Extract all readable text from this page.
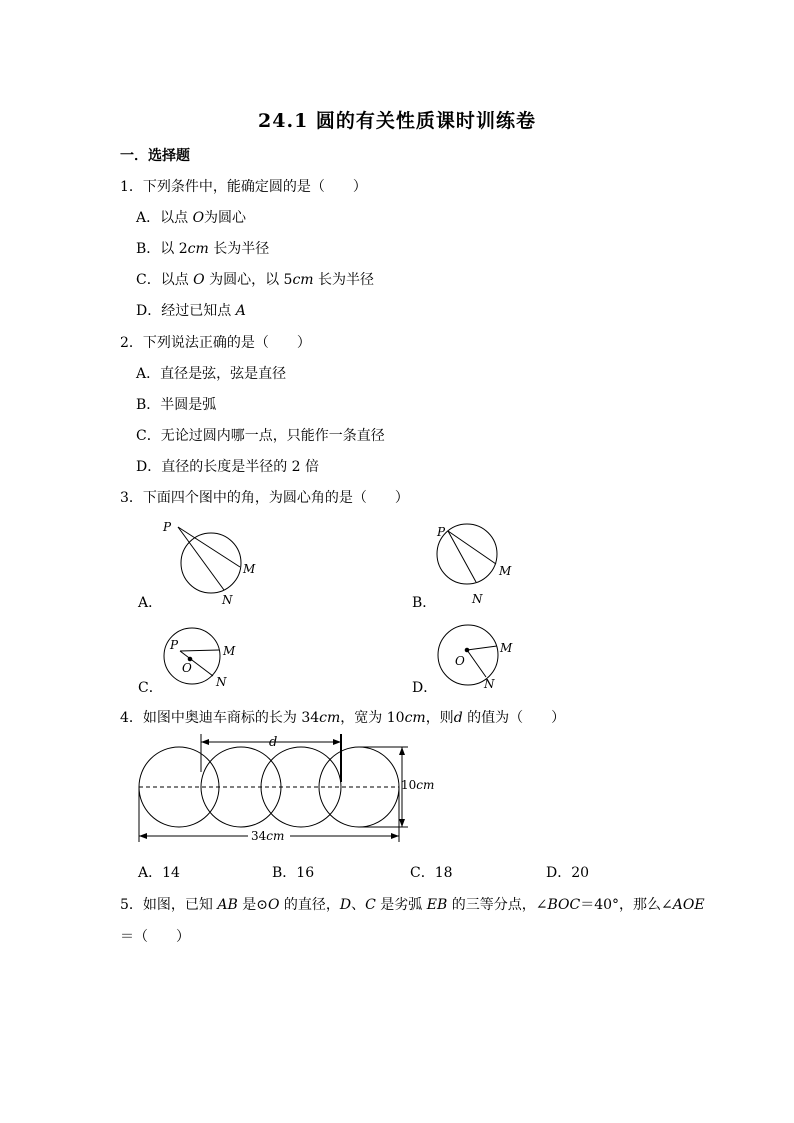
24.1 圆的有关性质课时训练卷
一．选择题
1．下列条件中，能确定圆的是（　　）
A．以点 O为圆心
B．以 2cm 长为半径
C．以点 O 为圆心，以 5cm 长为半径
D．经过已知点 A
2．下列说法正确的是（　　）
A．直径是弦，弦是直径
B．半圆是弧
C．无论过圆内哪一点，只能作一条直径
D．直径的长度是半径的 2 倍
3．下面四个图中的角，为圆心角的是（　　）
P
M
N
A．
P
M
N
B．
P
O
M
N
C．
O
M
N
D．
4．如图中奥迪车商标的长为 34cm，宽为 10cm，则d 的值为（　　）
d
10cm
34cm
A．14	B．16	C．18	D．20
5．如图，已知 AB 是⊙O 的直径，D、C 是劣弧 EB 的三等分点，∠BOC＝40°，那么∠AOE
＝（　　）
